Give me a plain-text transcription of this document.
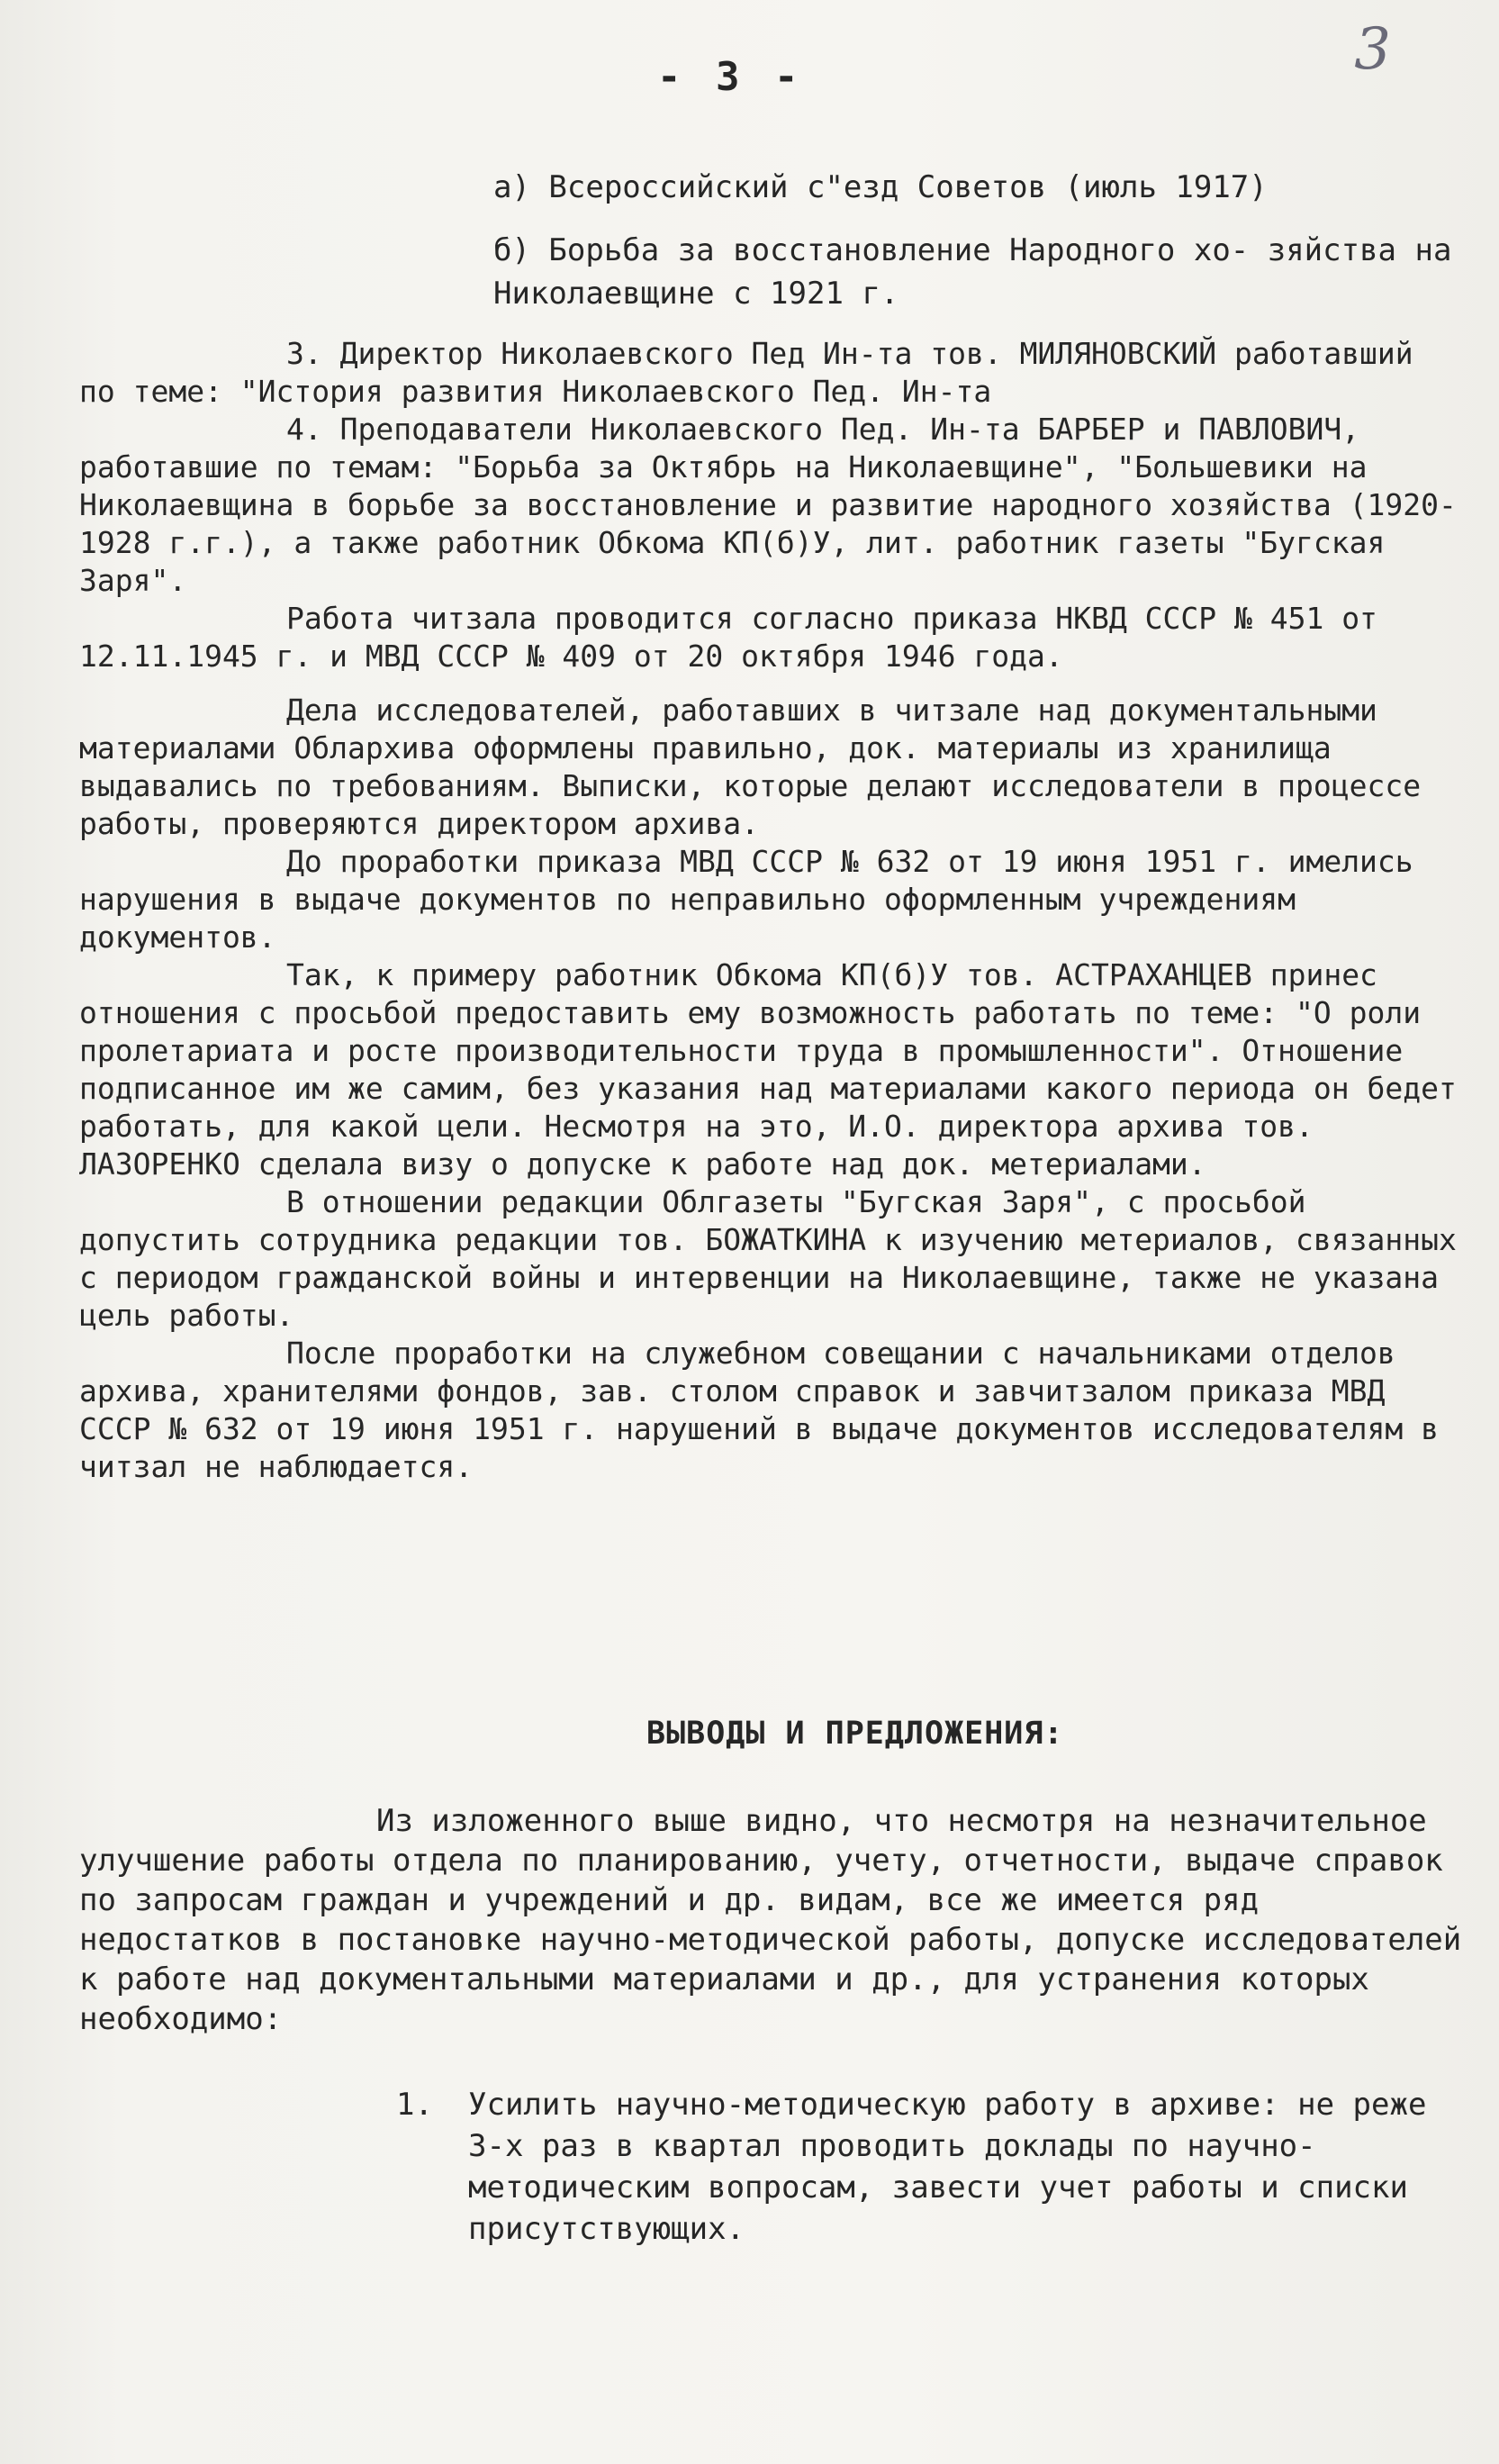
3
- 3 -

а) Всероссийский с"езд Советов (июль 1917)

б) Борьба за восстановление Народного хо- зяйства на Николаевщине с 1921 г.

3. Директор Николаевского Пед Ин-та тов. МИЛЯНОВСКИЙ работавший по теме: "История развития Николаевского Пед. Ин-та

4. Преподаватели Николаевского Пед. Ин-та БАРБЕР и ПАВЛОВИЧ, работавшие по темам: "Борьба за Октябрь на Николаевщине", "Большевики на Николаевщина в борьбе за восстановление и развитие народного хозяйства (1920-1928 г.г.), а также работник Обкома КП(б)У, лит. работник газеты "Бугская Заря".

Работа читзала проводится согласно приказа НКВД СССР № 451 от 12.11.1945 г. и МВД СССР № 409 от 20 октября 1946 года.

Дела исследователей, работавших в читзале над документальными материалами Облархива оформлены правильно, док. материалы из хранилища выдавались по требованиям. Выписки, которые делают исследователи в процессе работы, проверяются директором архива.

До проработки приказа МВД СССР № 632 от 19 июня 1951 г. имелись нарушения в выдаче документов по неправильно оформленным учреждениям документов.

Так, к примеру работник Обкома КП(б)У тов. АСТРАХАНЦЕВ принес отношения с просьбой предоставить ему возможность работать по теме: "О роли пролетариата и росте производительности труда в промышленности". Отношение подписанное им же самим, без указания над материалами какого периода он бедет работать, для какой цели. Несмотря на это, И.О. директора архива тов. ЛАЗОРЕНКО сделала визу о допуске к работе над док. метериалами.

В отношении редакции Облгазеты "Бугская Заря", с просьбой допустить сотрудника редакции тов. БОЖАТКИНА к изучению метериалов, связанных с периодом гражданской войны и интервенции на Николаевщине, также не указана цель работы.

После проработки на служебном совещании с начальниками отделов архива, хранителями фондов, зав. столом справок и завчитзалом приказа МВД СССР № 632 от 19 июня 1951 г. нарушений в выдаче документов исследователям в читзал не наблюдается.

ВЫВОДЫ И ПРЕДЛОЖЕНИЯ:

Из изложенного выше видно, что несмотря на незначительное улучшение работы отдела по планированию, учету, отчетности, выдаче справок по запросам граждан и учреждений и др. видам, все же имеется ряд недостатков в постановке научно-методической работы, допуске исследователей к работе над документальными материалами и др., для устранения которых необходимо:

1. Усилить научно-методическую работу в архиве: не реже 3-х раз в квартал проводить доклады по научно-методическим вопросам, завести учет работы и списки присутствующих.
